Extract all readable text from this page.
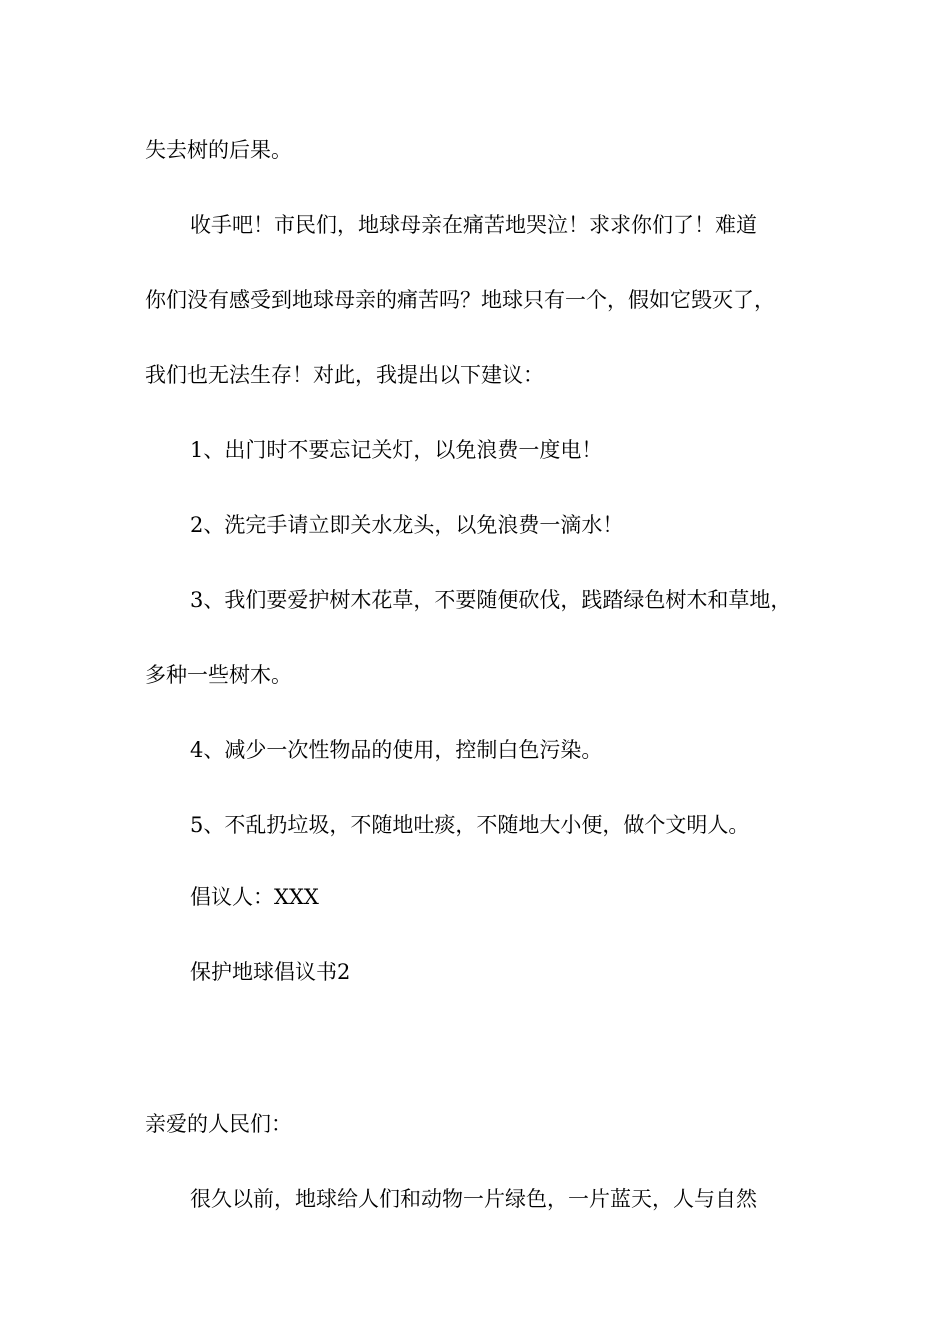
失去树的后果。

收手吧！市民们，地球母亲在痛苦地哭泣！求求你们了！难道

你们没有感受到地球母亲的痛苦吗？地球只有一个，假如它毁灭了，

我们也无法生存！对此，我提出以下建议：

1、出门时不要忘记关灯，以免浪费一度电！

2、洗完手请立即关水龙头，以免浪费一滴水！

3、我们要爱护树木花草，不要随便砍伐，践踏绿色树木和草地，

多种一些树木。

4、减少一次性物品的使用，控制白色污染。

5、不乱扔垃圾，不随地吐痰，不随地大小便，做个文明人。

倡议人：XXX

保护地球倡议书2

亲爱的人民们：

很久以前，地球给人们和动物一片绿色，一片蓝天，人与自然
